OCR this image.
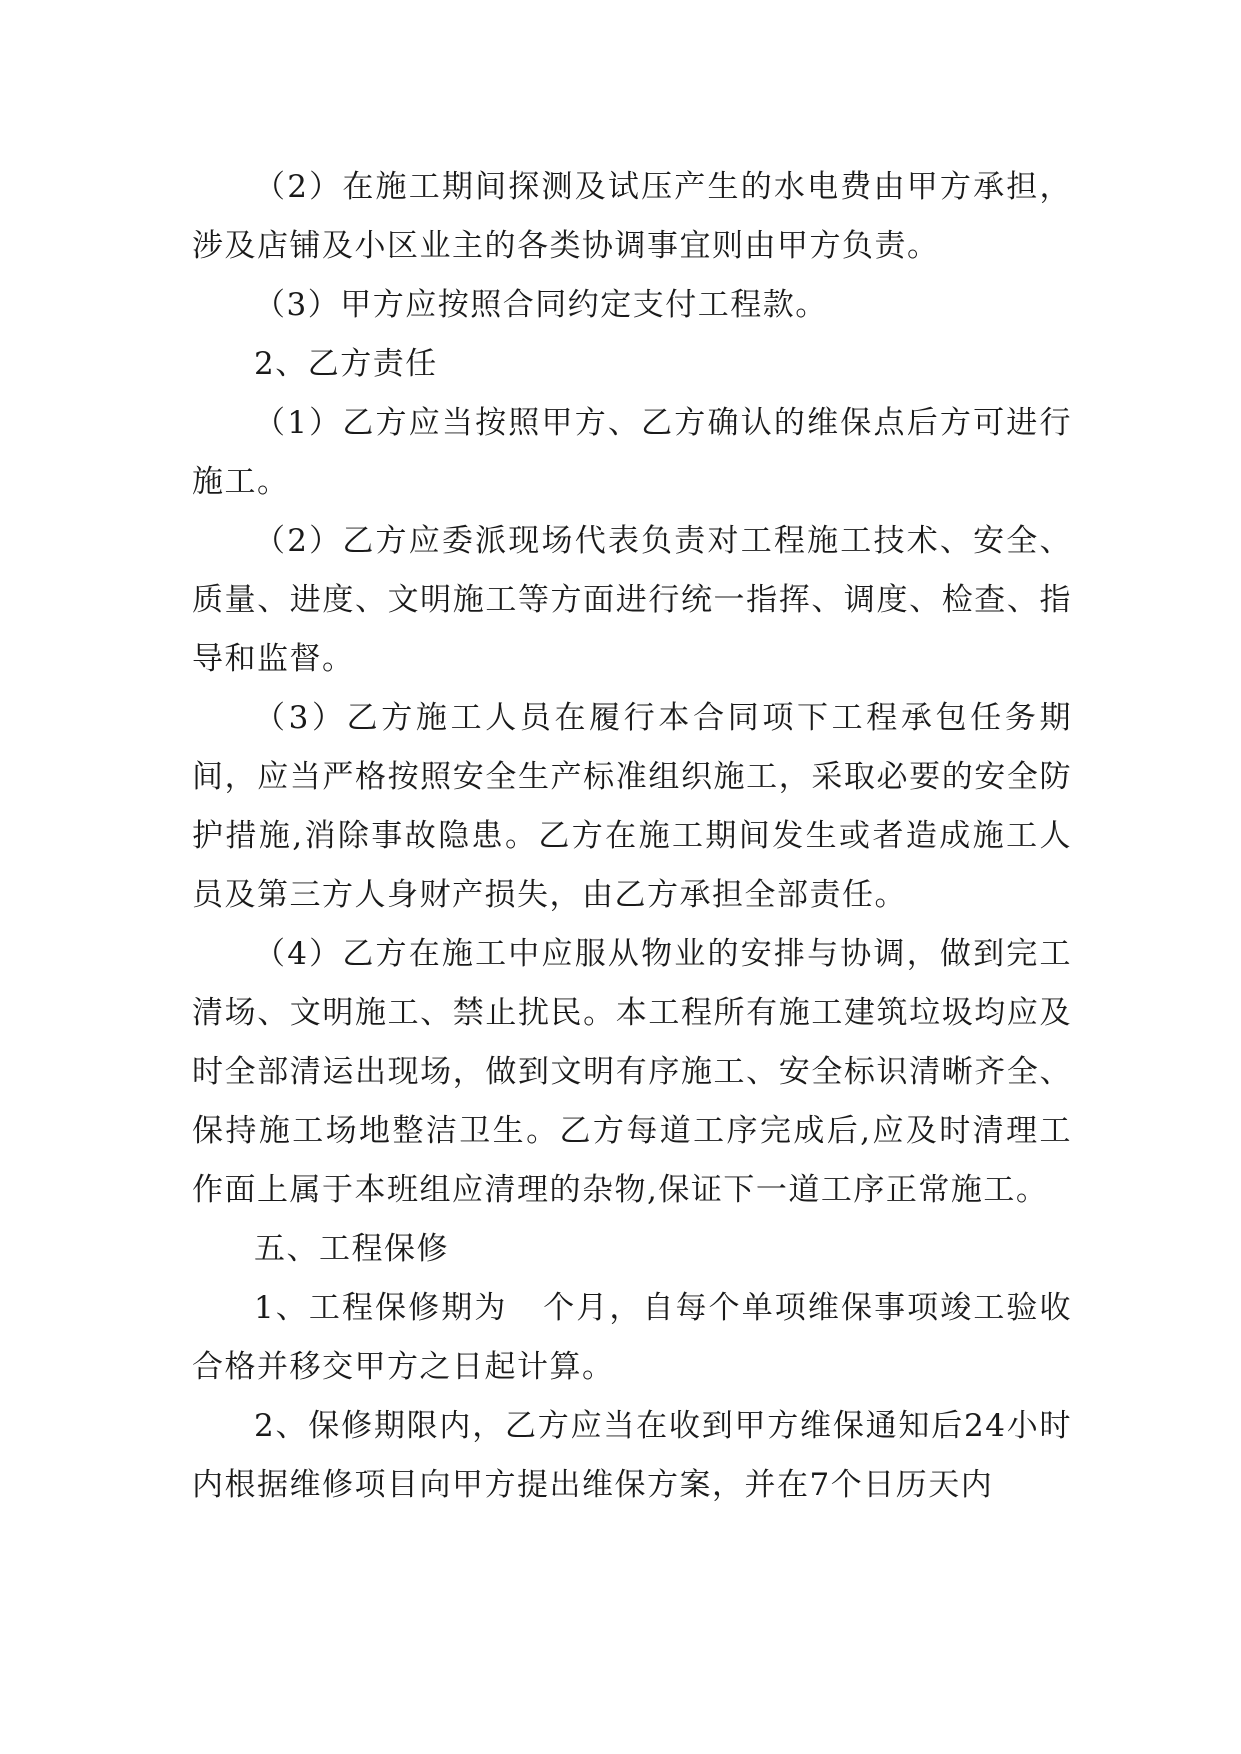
（2）在施工期间探测及试压产生的水电费由甲方承担，涉及店铺及小区业主的各类协调事宜则由甲方负责。

（3）甲方应按照合同约定支付工程款。

2、乙方责任

（1）乙方应当按照甲方、乙方确认的维保点后方可进行施工。

（2）乙方应委派现场代表负责对工程施工技术、安全、质量、进度、文明施工等方面进行统一指挥、调度、检查、指导和监督。

（3）乙方施工人员在履行本合同项下工程承包任务期间，应当严格按照安全生产标准组织施工，采取必要的安全防护措施,消除事故隐患。乙方在施工期间发生或者造成施工人员及第三方人身财产损失，由乙方承担全部责任。

（4）乙方在施工中应服从物业的安排与协调，做到完工清场、文明施工、禁止扰民。本工程所有施工建筑垃圾均应及时全部清运出现场，做到文明有序施工、安全标识清晰齐全、保持施工场地整洁卫生。乙方每道工序完成后,应及时清理工作面上属于本班组应清理的杂物,保证下一道工序正常施工。

五、工程保修

1、工程保修期为   个月，自每个单项维保事项竣工验收合格并移交甲方之日起计算。

2、保修期限内，乙方应当在收到甲方维保通知后24小时内根据维修项目向甲方提出维保方案，并在7个日历天内
